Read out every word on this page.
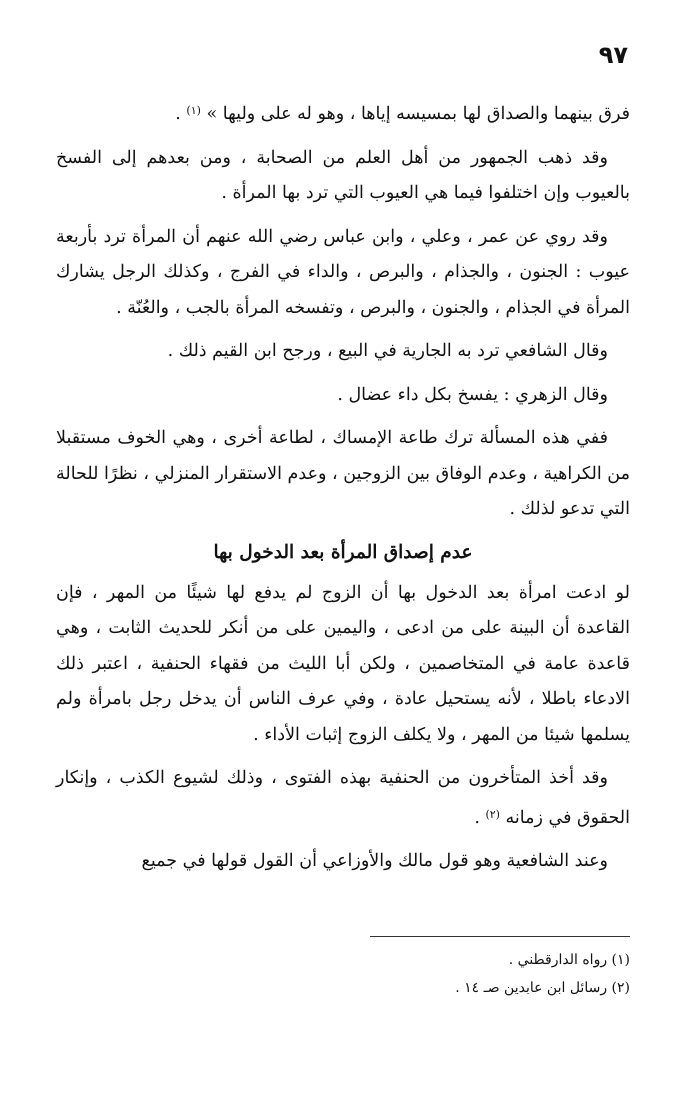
٩٧

فرق بينهما والصداق لها بمسيسه إياها ، وهو له على وليها » $^{(١)}$ .

وقد ذهب الجمهور من أهل العلم من الصحابة ، ومن بعدهم إلى الفسخ بالعيوب وإن اختلفوا فيما هي العيوب التي ترد بها المرأة .

وقد روي عن عمر ، وعلي ، وابن عباس رضي الله عنهم أن المرأة ترد بأربعة عيوب : الجنون ، والجذام ، والبرص ، والداء في الفرج ، وكذلك الرجل يشارك المرأة في الجذام ، والجنون ، والبرص ، وتفسخه المرأة بالجب ، والعُنّة .

وقال الشافعي ترد به الجارية في البيع ، ورجح ابن القيم ذلك .

وقال الزهري : يفسخ بكل داء عضال .

ففي هذه المسألة ترك طاعة الإمساك ، لطاعة أخرى ، وهي الخوف مستقبلا من الكراهية ، وعدم الوفاق بين الزوجين ، وعدم الاستقرار المنزلي ، نظرًا للحالة التي تدعو لذلك .

عدم إصداق المرأة بعد الدخول بها

لو ادعت امرأة بعد الدخول بها أن الزوج لم يدفع لها شيئًا من المهر ، فإن القاعدة أن البينة على من ادعى ، واليمين على من أنكر للحديث الثابت ، وهي قاعدة عامة في المتخاصمين ، ولكن أبا الليث من فقهاء الحنفية ، اعتبر ذلك الادعاء باطلا ، لأنه يستحيل عادة ، وفي عرف الناس أن يدخل رجل بامرأة ولم يسلمها شيئا من المهر ، ولا يكلف الزوج إثبات الأداء .

وقد أخذ المتأخرون من الحنفية بهذه الفتوى ، وذلك لشيوع الكذب ، وإنكار الحقوق في زمانه $^{(٢)}$ .

وعند الشافعية وهو قول مالك والأوزاعي أن القول قولها في جميع

(١) رواه الدارقطني .

(٢) رسائل ابن عابدين صـ ١٤ .
